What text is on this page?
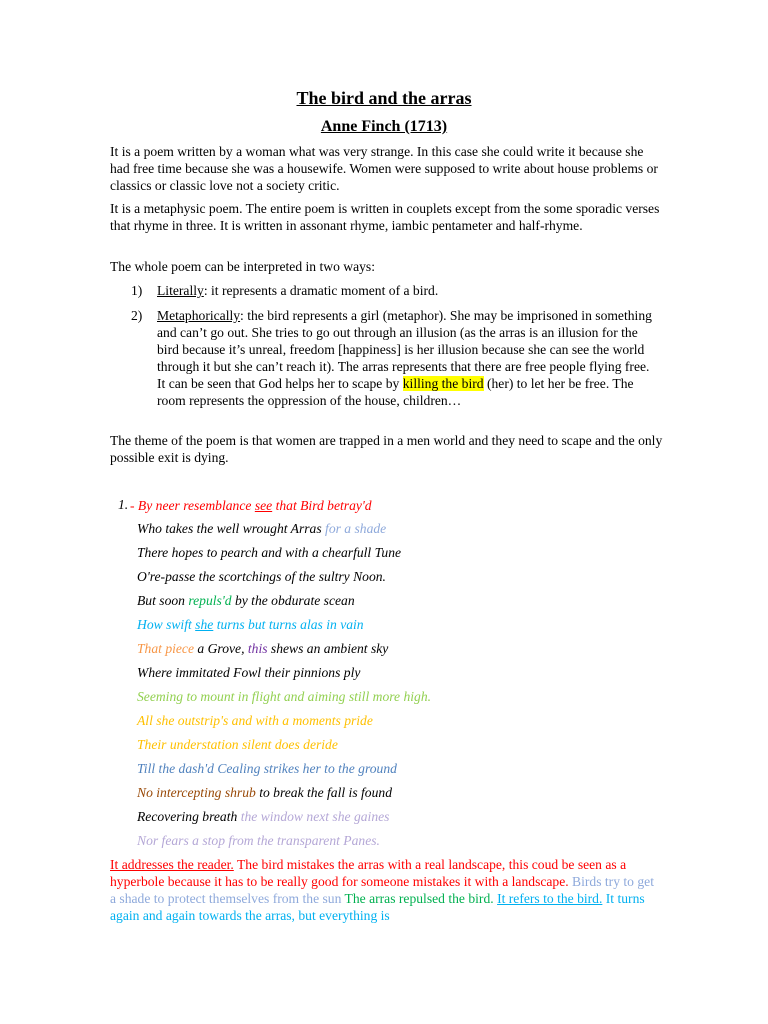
The bird and the arras
Anne Finch (1713)

It is a poem written by a woman what was very strange. In this case she could write it because she had free time because she was a housewife. Women were supposed to write about house problems or classics or classic love not a society critic.

It is a metaphysic poem. The entire poem is written in couplets except from the some sporadic verses that rhyme in three. It is written in assonant rhyme, iambic pentameter and half-rhyme.

The whole poem can be interpreted in two ways:

1) Literally: it represents a dramatic moment of a bird.
2) Metaphorically: the bird represents a girl (metaphor). She may be imprisoned in something and can’t go out. She tries to go out through an illusion (as the arras is an illusion for the bird because it’s unreal, freedom [happiness] is her illusion because she can see the world through it but she can’t reach it). The arras represents that there are free people flying free. It can be seen that God helps her to scape by killing the bird (her) to let her be free. The room represents the oppression of the house, children…

The theme of the poem is that women are trapped in a men world and they need to scape and the only possible exit is dying.

1. - By neer resemblance see that Bird betray'd
Who takes the well wrought Arras for a shade
There hopes to pearch and with a chearfull Tune
O're-passe the scortchings of the sultry Noon.
But soon repuls'd by the obdurate scean
How swift she turns but turns alas in vain
That piece a Grove, this shews an ambient sky
Where immitated Fowl their pinnions ply
Seeming to mount in flight and aiming still more high.
All she outstrip's and with a moments pride
Their understation silent does deride
Till the dash'd Cealing strikes her to the ground
No intercepting shrub to break the fall is found
Recovering breath the window next she gaines
Nor fears a stop from the transparent Panes.
It addresses the reader. The bird mistakes the arras with a real landscape, this coud be seen as a hyperbole because it has to be really good for someone mistakes it with a landscape. Birds try to get a shade to protect themselves from the sun The arras repulsed the bird. It refers to the bird. It turns again and again towards the arras, but everything is
